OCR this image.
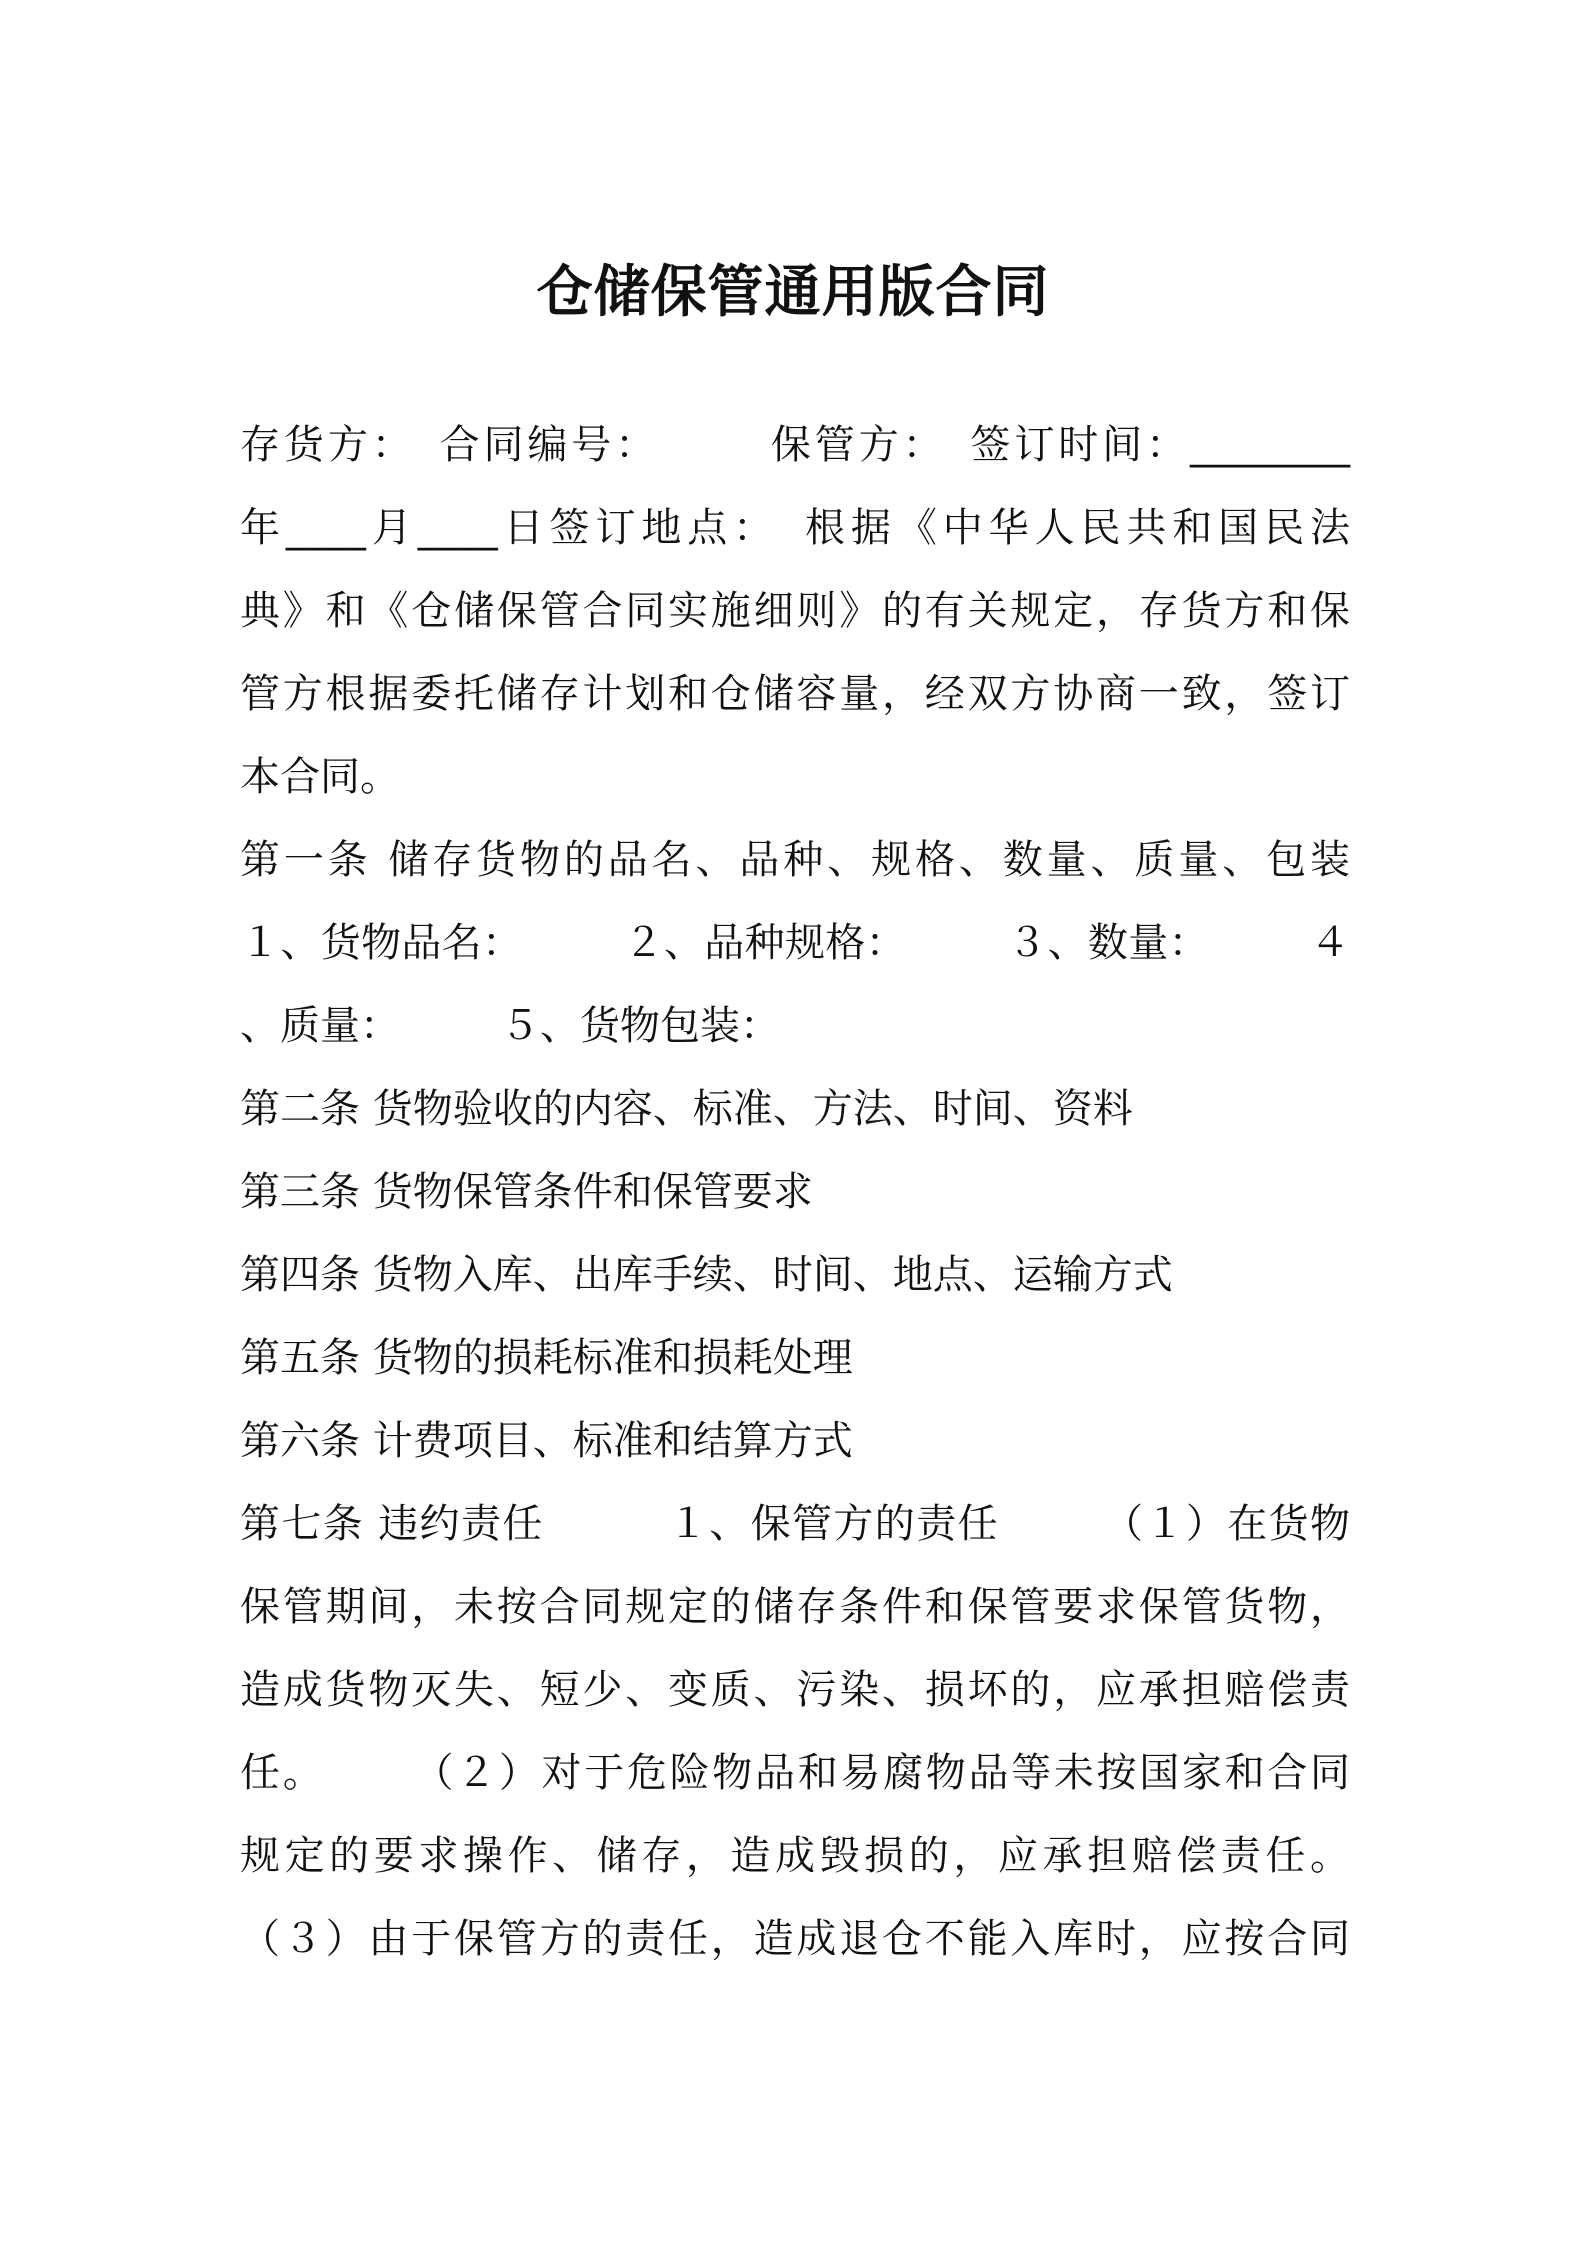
仓储保管通用版合同
存货方：　合同编号：　　　保管方：　签订时间：________
年____月____日签订地点：　根据《中华人民共和国民法
典》和《仓储保管合同实施细则》的有关规定，存货方和保
管方根据委托储存计划和仓储容量，经双方协商一致，签订
本合同。
第一条 储存货物的品名、品种、规格、数量、质量、包装
１、货物品名：　　　２、品种规格：　　　３、数量：　　　４
、质量：　　　５、货物包装：
第二条 货物验收的内容、标准、方法、时间、资料
第三条 货物保管条件和保管要求
第四条 货物入库、出库手续、时间、地点、运输方式
第五条 货物的损耗标准和损耗处理
第六条 计费项目、标准和结算方式
第七条 违约责任　　　１、保管方的责任　　　（１）在货物
保管期间，未按合同规定的储存条件和保管要求保管货物，
造成货物灭失、短少、变质、污染、损坏的，应承担赔偿责
任。　　　（２）对于危险物品和易腐物品等未按国家和合同
规定的要求操作、储存，造成毁损的，应承担赔偿责任。
（３）由于保管方的责任，造成退仓不能入库时，应按合同
